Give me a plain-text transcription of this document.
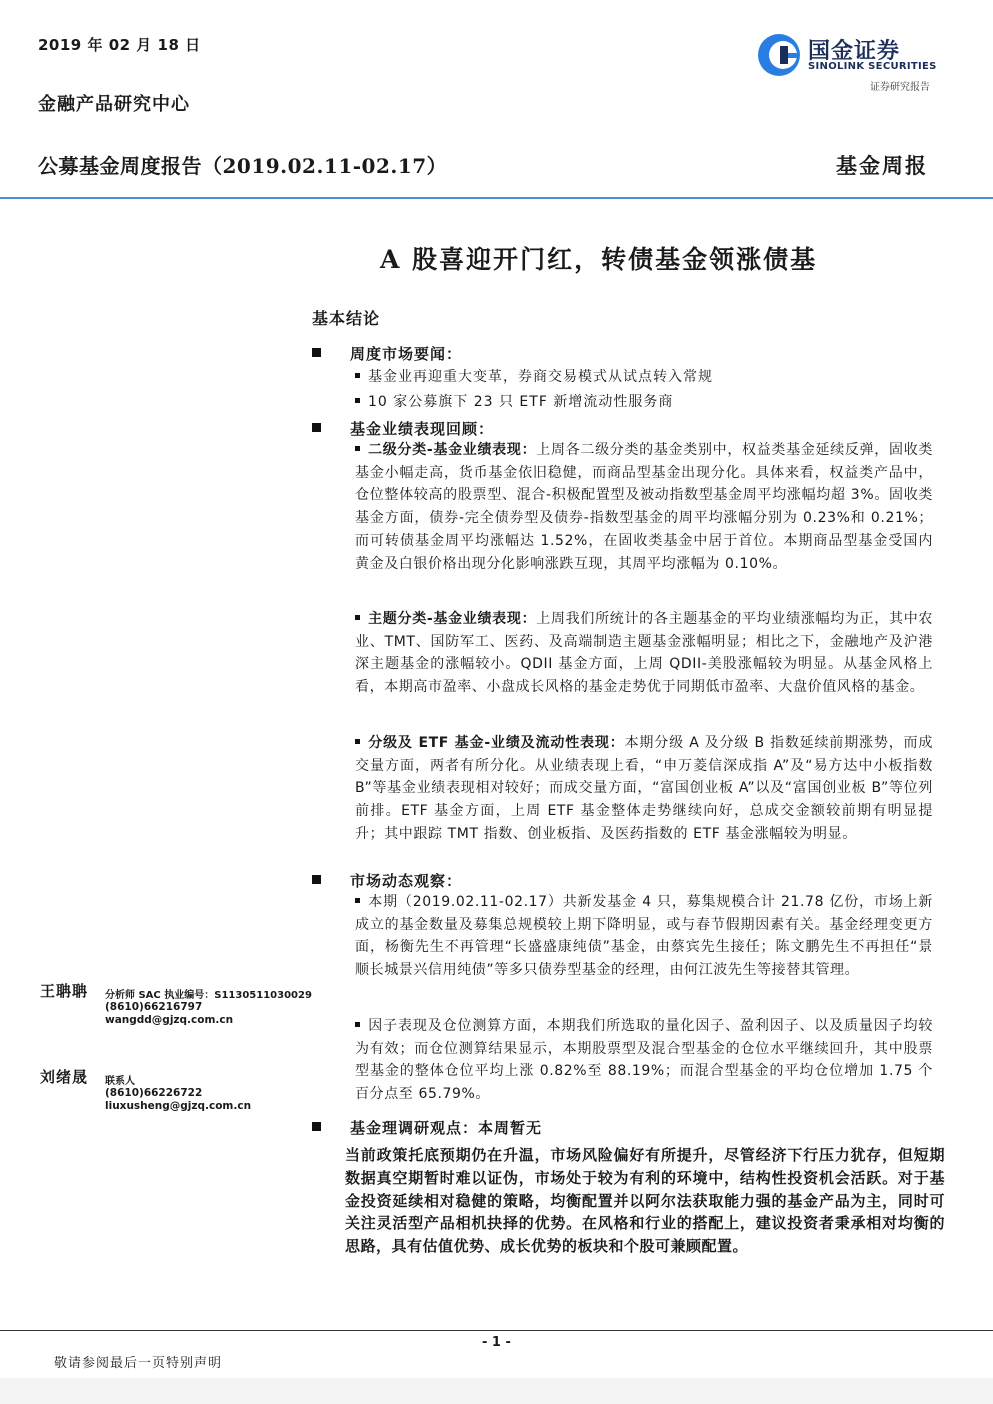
2019 年 02 月 18 日
金融产品研究中心
国金证券
SINOLINK SECURITIES
证券研究报告
公募基金周度报告（2019.02.11-02.17）	基金周报
A 股喜迎开门红，转债基金领涨债基
基本结论
周度市场要闻：
基金业再迎重大变革，券商交易模式从试点转入常规
10 家公募旗下 23 只 ETF 新增流动性服务商
基金业绩表现回顾：
二级分类-基金业绩表现：上周各二级分类的基金类别中，权益类基金延续反弹，固收类基金小幅走高，货币基金依旧稳健，而商品型基金出现分化。具体来看，权益类产品中，仓位整体较高的股票型、混合-积极配置型及被动指数型基金周平均涨幅均超 3%。固收类基金方面，债券-完全债券型及债券-指数型基金的周平均涨幅分别为 0.23%和 0.21%；而可转债基金周平均涨幅达 1.52%，在固收类基金中居于首位。本期商品型基金受国内黄金及白银价格出现分化影响涨跌互现，其周平均涨幅为 0.10%。
主题分类-基金业绩表现：上周我们所统计的各主题基金的平均业绩涨幅均为正，其中农业、TMT、国防军工、医药、及高端制造主题基金涨幅明显；相比之下，金融地产及沪港深主题基金的涨幅较小。QDII 基金方面，上周 QDII-美股涨幅较为明显。从基金风格上看，本期高市盈率、小盘成长风格的基金走势优于同期低市盈率、大盘价值风格的基金。
分级及 ETF 基金-业绩及流动性表现：本期分级 A 及分级 B 指数延续前期涨势，而成交量方面，两者有所分化。从业绩表现上看，“申万菱信深成指 A”及“易方达中小板指数 B”等基金业绩表现相对较好；而成交量方面，“富国创业板 A”以及“富国创业板 B”等位列前排。ETF 基金方面，上周 ETF 基金整体走势继续向好，总成交金额较前期有明显提升；其中跟踪 TMT 指数、创业板指、及医药指数的 ETF 基金涨幅较为明显。
市场动态观察：
本期（2019.02.11-02.17）共新发基金 4 只，募集规模合计 21.78 亿份，市场上新成立的基金数量及募集总规模较上期下降明显，或与春节假期因素有关。基金经理变更方面，杨衡先生不再管理“长盛盛康纯债”基金，由蔡宾先生接任；陈文鹏先生不再担任“景顺长城景兴信用纯债”等多只债券型基金的经理，由何江波先生等接替其管理。
因子表现及仓位测算方面，本期我们所选取的量化因子、盈利因子、以及质量因子均较为有效；而仓位测算结果显示，本期股票型及混合型基金的仓位水平继续回升，其中股票型基金的整体仓位平均上涨 0.82%至 88.19%；而混合型基金的平均仓位增加 1.75 个百分点至 65.79%。
基金理调研观点：本周暂无
当前政策托底预期仍在升温，市场风险偏好有所提升，尽管经济下行压力犹存，但短期数据真空期暂时难以证伪，市场处于较为有利的环境中，结构性投资机会活跃。对于基金投资延续相对稳健的策略，均衡配置并以阿尔法获取能力强的基金产品为主，同时可关注灵活型产品相机抉择的优势。在风格和行业的搭配上，建议投资者秉承相对均衡的思路，具有估值优势、成长优势的板块和个股可兼顾配置。
王聃聃 分析师 SAC 执业编号：S1130511030029
(8610)66216797
wangdd@gjzq.com.cn
刘绪晟 联系人
(8610)66226722
liuxusheng@gjzq.com.cn
- 1 -
敬请参阅最后一页特别声明
